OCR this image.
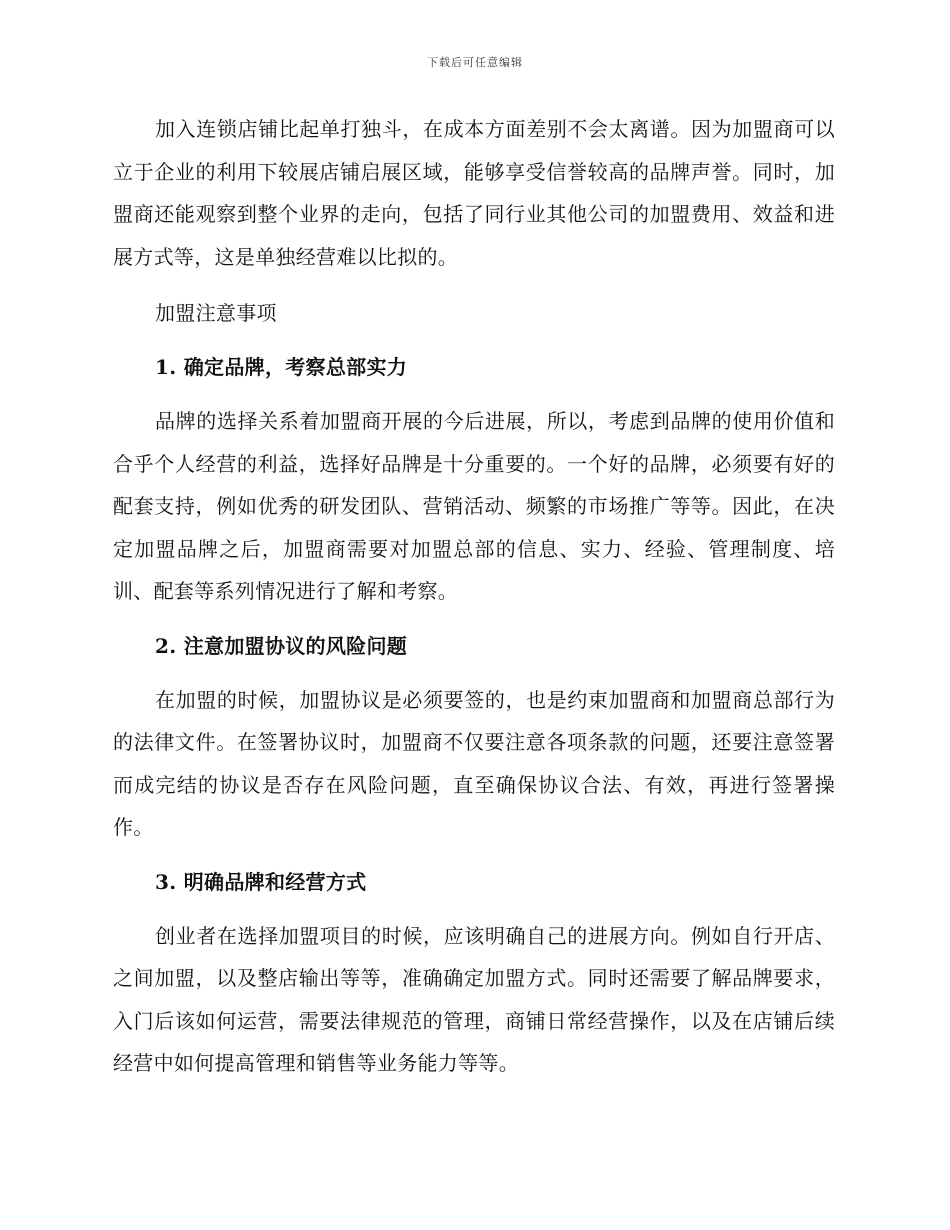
下载后可任意编辑

加入连锁店铺比起单打独斗，在成本方面差别不会太离谱。因为加盟商可以立于企业的利用下较展店铺启展区域，能够享受信誉较高的品牌声誉。同时，加盟商还能观察到整个业界的走向，包括了同行业其他公司的加盟费用、效益和进展方式等，这是单独经营难以比拟的。

加盟注意事项

1. 确定品牌，考察总部实力

品牌的选择关系着加盟商开展的今后进展，所以，考虑到品牌的使用价值和合乎个人经营的利益，选择好品牌是十分重要的。一个好的品牌，必须要有好的配套支持，例如优秀的研发团队、营销活动、频繁的市场推广等等。因此，在决定加盟品牌之后，加盟商需要对加盟总部的信息、实力、经验、管理制度、培训、配套等系列情况进行了解和考察。

2. 注意加盟协议的风险问题

在加盟的时候，加盟协议是必须要签的，也是约束加盟商和加盟商总部行为的法律文件。在签署协议时，加盟商不仅要注意各项条款的问题，还要注意签署而成完结的协议是否存在风险问题，直至确保协议合法、有效，再进行签署操作。

3. 明确品牌和经营方式

创业者在选择加盟项目的时候，应该明确自己的进展方向。例如自行开店、之间加盟，以及整店输出等等，准确确定加盟方式。同时还需要了解品牌要求，入门后该如何运营，需要法律规范的管理，商铺日常经营操作，以及在店铺后续经营中如何提高管理和销售等业务能力等等。
